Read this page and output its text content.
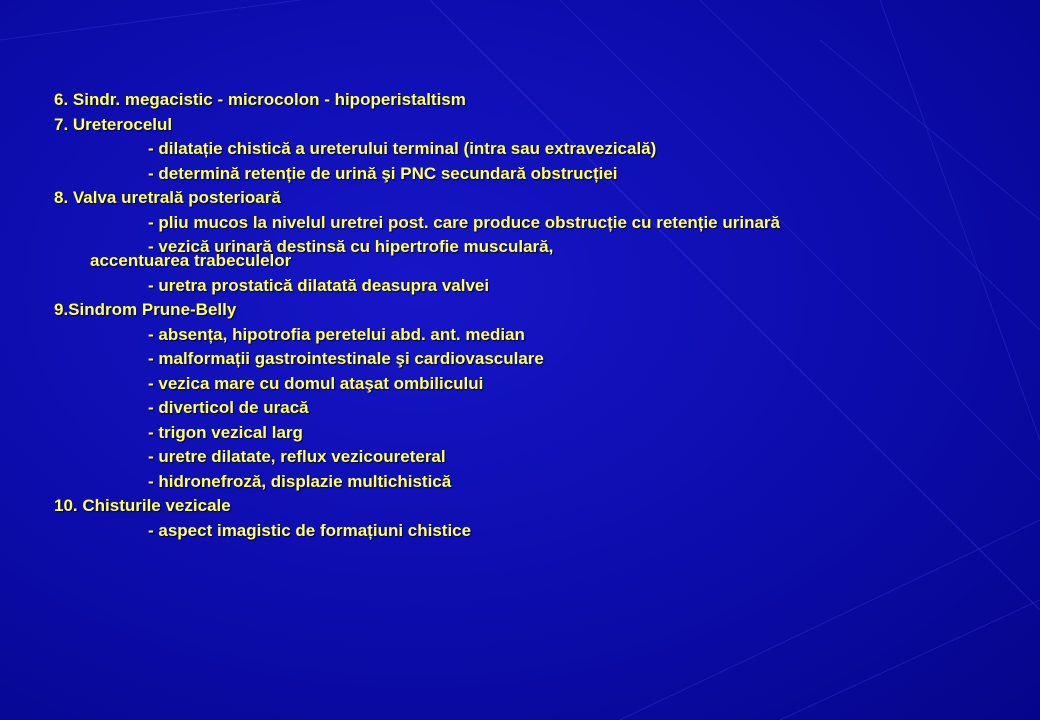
6. Sindr. megacistic - microcolon - hipoperistaltism
7. Ureterocelul
- dilatație chistică a ureterului terminal (intra sau extravezicală)
- determină retenție de urină şi PNC secundară obstrucției
8. Valva uretrală posterioară
- pliu mucos la nivelul uretrei post. care produce obstrucție cu retenție urinară
- vezică urinară destinsă cu hipertrofie musculară,
accentuarea trabeculelor
- uretra prostatică dilatată deasupra valvei
9.Sindrom Prune-Belly
- absența, hipotrofia peretelui abd. ant. median
- malformații gastrointestinale şi cardiovasculare
- vezica mare cu domul ataşat ombilicului
- diverticol de uracă
- trigon vezical larg
- uretre dilatate, reflux vezicoureteral
- hidronefroză, displazie multichistică
10. Chisturile vezicale
- aspect imagistic de formațiuni chistice
